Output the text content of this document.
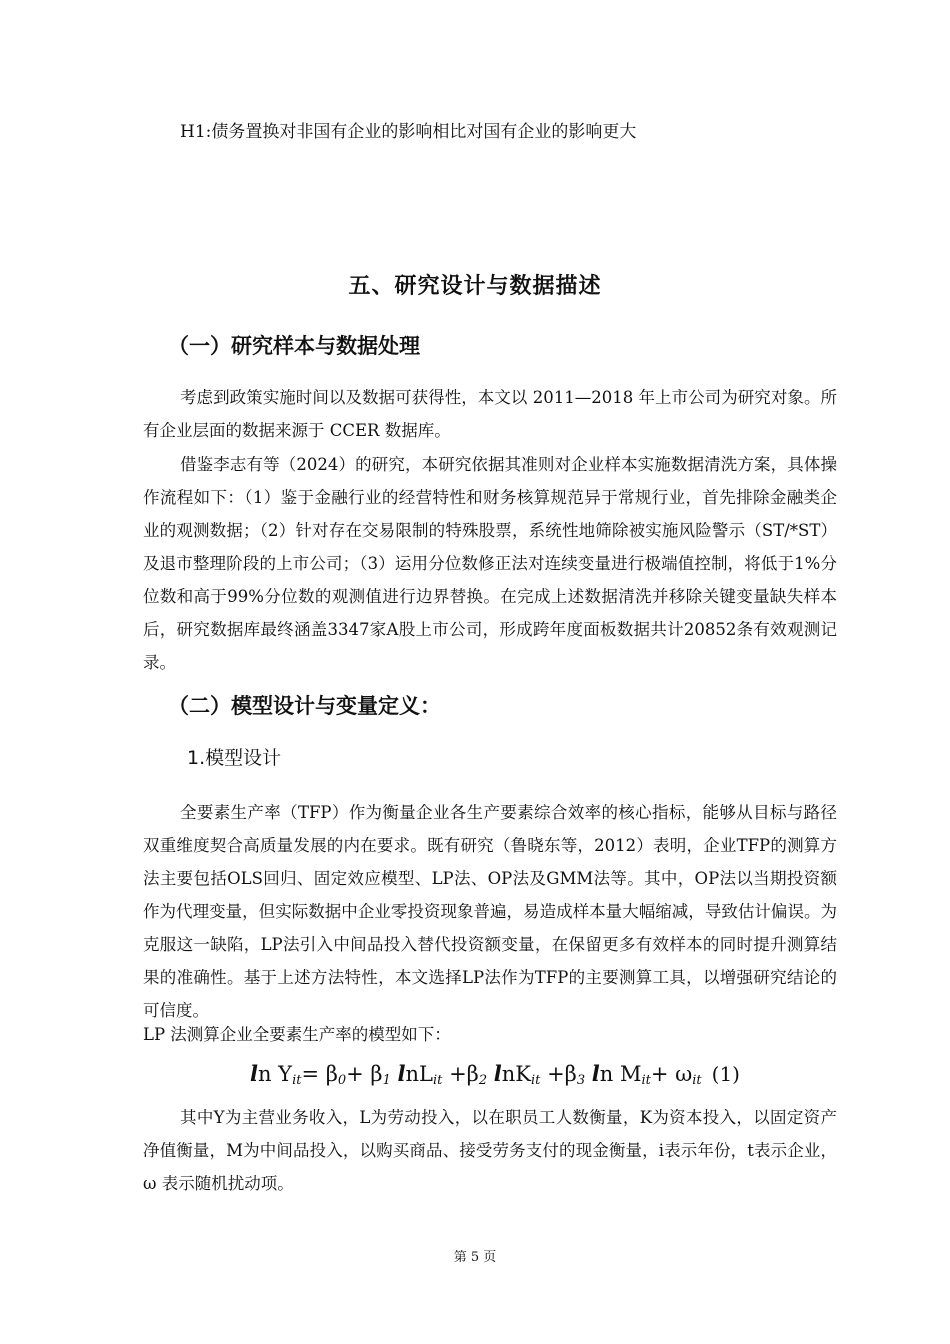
H1:债务置换对非国有企业的影响相比对国有企业的影响更大
五、研究设计与数据描述
（一）研究样本与数据处理

考虑到政策实施时间以及数据可获得性，本文以 2011—2018 年上市公司为研究对象。所有企业层面的数据来源于 CCER 数据库。

借鉴李志有等（2024）的研究，本研究依据其准则对企业样本实施数据清洗方案，具体操作流程如下：（1）鉴于金融行业的经营特性和财务核算规范异于常规行业，首先排除金融类企业的观测数据；（2）针对存在交易限制的特殊股票，系统性地筛除被实施风险警示（ST/*ST）及退市整理阶段的上市公司；（3）运用分位数修正法对连续变量进行极端值控制，将低于1%分位数和高于99%分位数的观测值进行边界替换。在完成上述数据清洗并移除关键变量缺失样本后，研究数据库最终涵盖3347家A股上市公司，形成跨年度面板数据共计20852条有效观测记录。

（二）模型设计与变量定义：
1.模型设计

全要素生产率（TFP）作为衡量企业各生产要素综合效率的核心指标，能够从目标与路径双重维度契合高质量发展的内在要求。既有研究（鲁晓东等，2012）表明，企业TFP的测算方法主要包括OLS回归、固定效应模型、LP法、OP法及GMM法等。其中，OP法以当期投资额作为代理变量，但实际数据中企业零投资现象普遍，易造成样本量大幅缩减，导致估计偏误。为克服这一缺陷，LP法引入中间品投入替代投资额变量，在保留更多有效样本的同时提升测算结果的准确性。基于上述方法特性，本文选择LP法作为TFP的主要测算工具，以增强研究结论的可信度。

LP 法测算企业全要素生产率的模型如下：
$\ln Y_{it}= \beta_0+ \beta_1$ $\ln L_{it} +\beta_2$ $\ln K_{it} +\beta_3$ $\ln M_{it}+ \omega_{it}$ (1)

其中Y为主营业务收入，L为劳动投入，以在职员工人数衡量，K为资本投入，以固定资产净值衡量，M为中间品投入，以购买商品、接受劳务支付的现金衡量，i表示年份，t表示企业，ω 表示随机扰动项。

第 5 页
